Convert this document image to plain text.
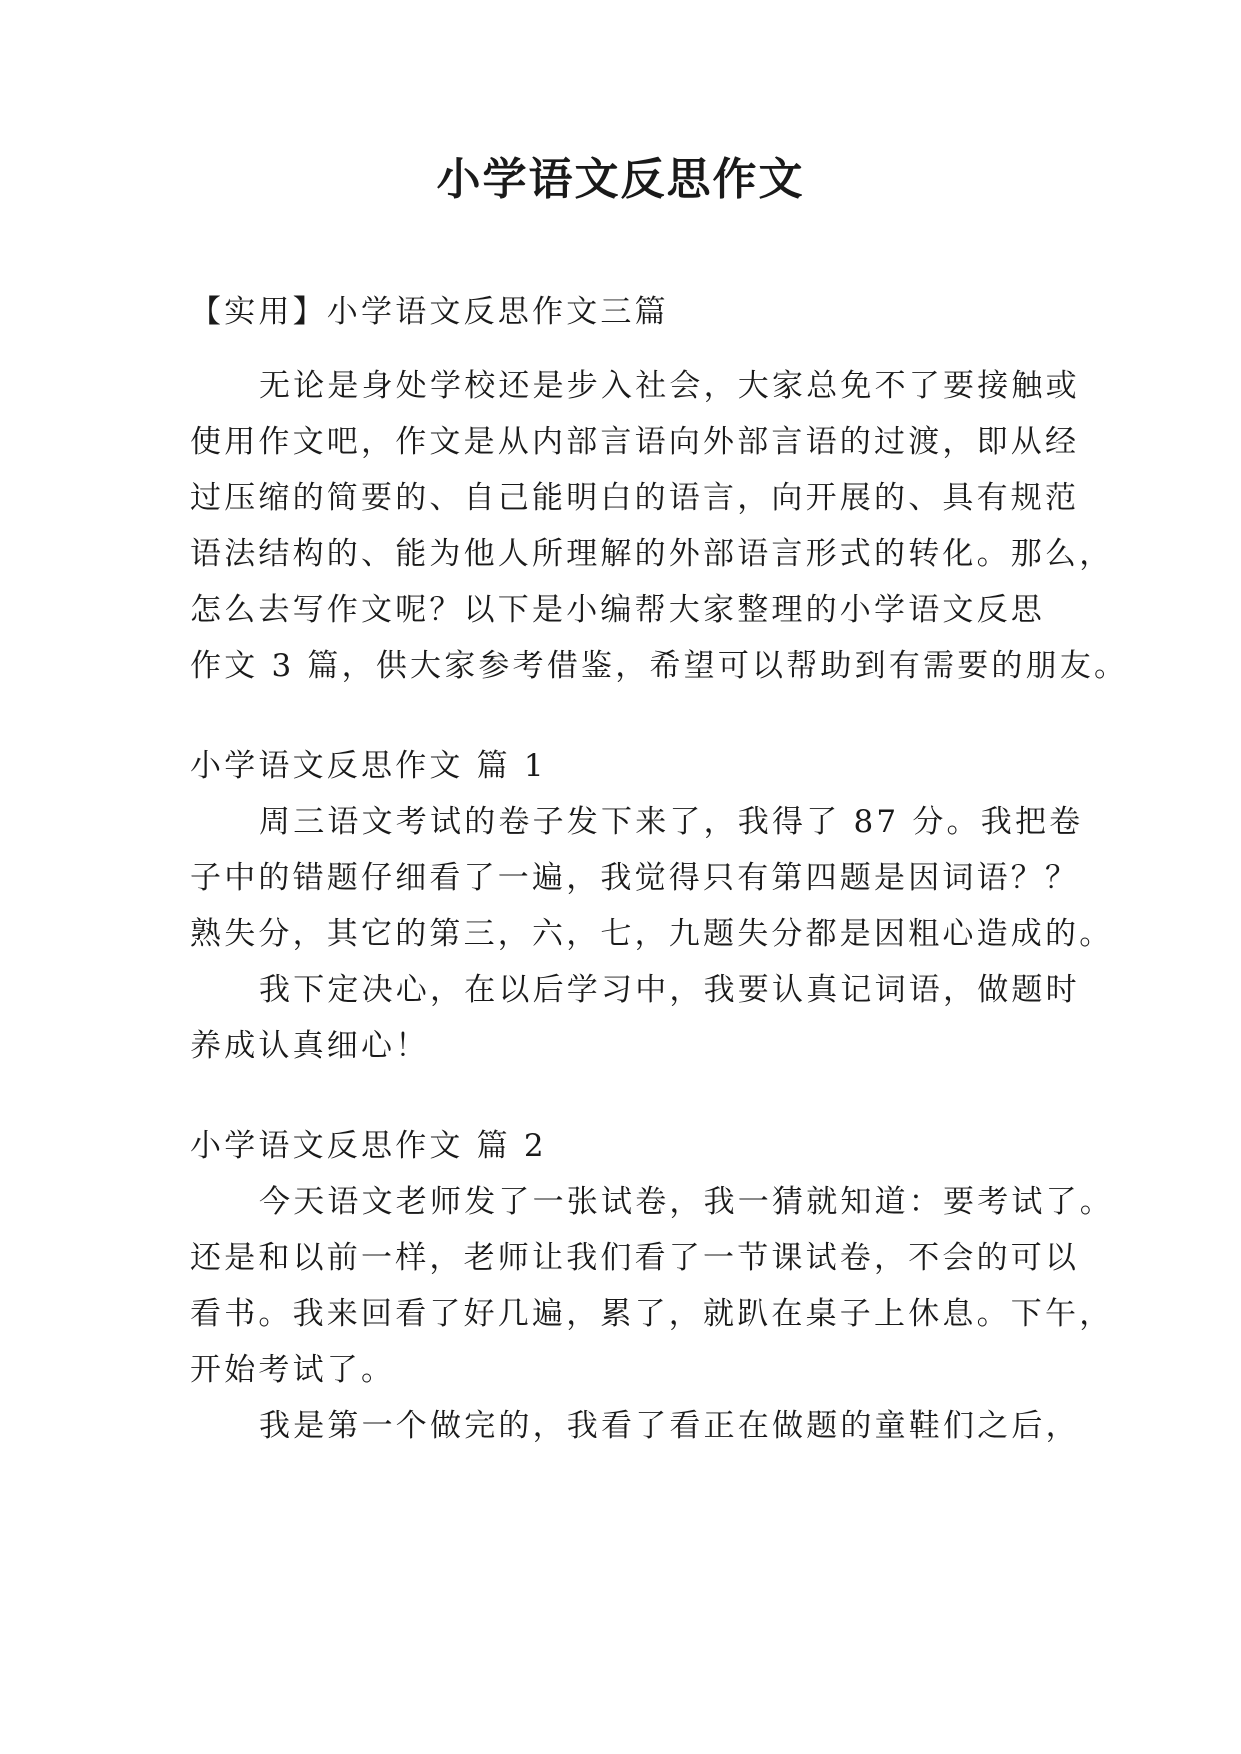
小学语文反思作文

【实用】小学语文反思作文三篇

无论是身处学校还是步入社会，大家总免不了要接触或

使用作文吧，作文是从内部言语向外部言语的过渡，即从经

过压缩的简要的、自己能明白的语言，向开展的、具有规范

语法结构的、能为他人所理解的外部语言形式的转化。那么，

怎么去写作文呢？以下是小编帮大家整理的小学语文反思

作文 3 篇，供大家参考借鉴，希望可以帮助到有需要的朋友。

小学语文反思作文 篇 1

周三语文考试的卷子发下来了，我得了 87 分。我把卷

子中的错题仔细看了一遍，我觉得只有第四题是因词语？？

熟失分，其它的第三，六，七，九题失分都是因粗心造成的。

我下定决心，在以后学习中，我要认真记词语，做题时

养成认真细心！

小学语文反思作文 篇 2

今天语文老师发了一张试卷，我一猜就知道：要考试了。

还是和以前一样，老师让我们看了一节课试卷，不会的可以

看书。我来回看了好几遍，累了，就趴在桌子上休息。下午，

开始考试了。

我是第一个做完的，我看了看正在做题的童鞋们之后，
